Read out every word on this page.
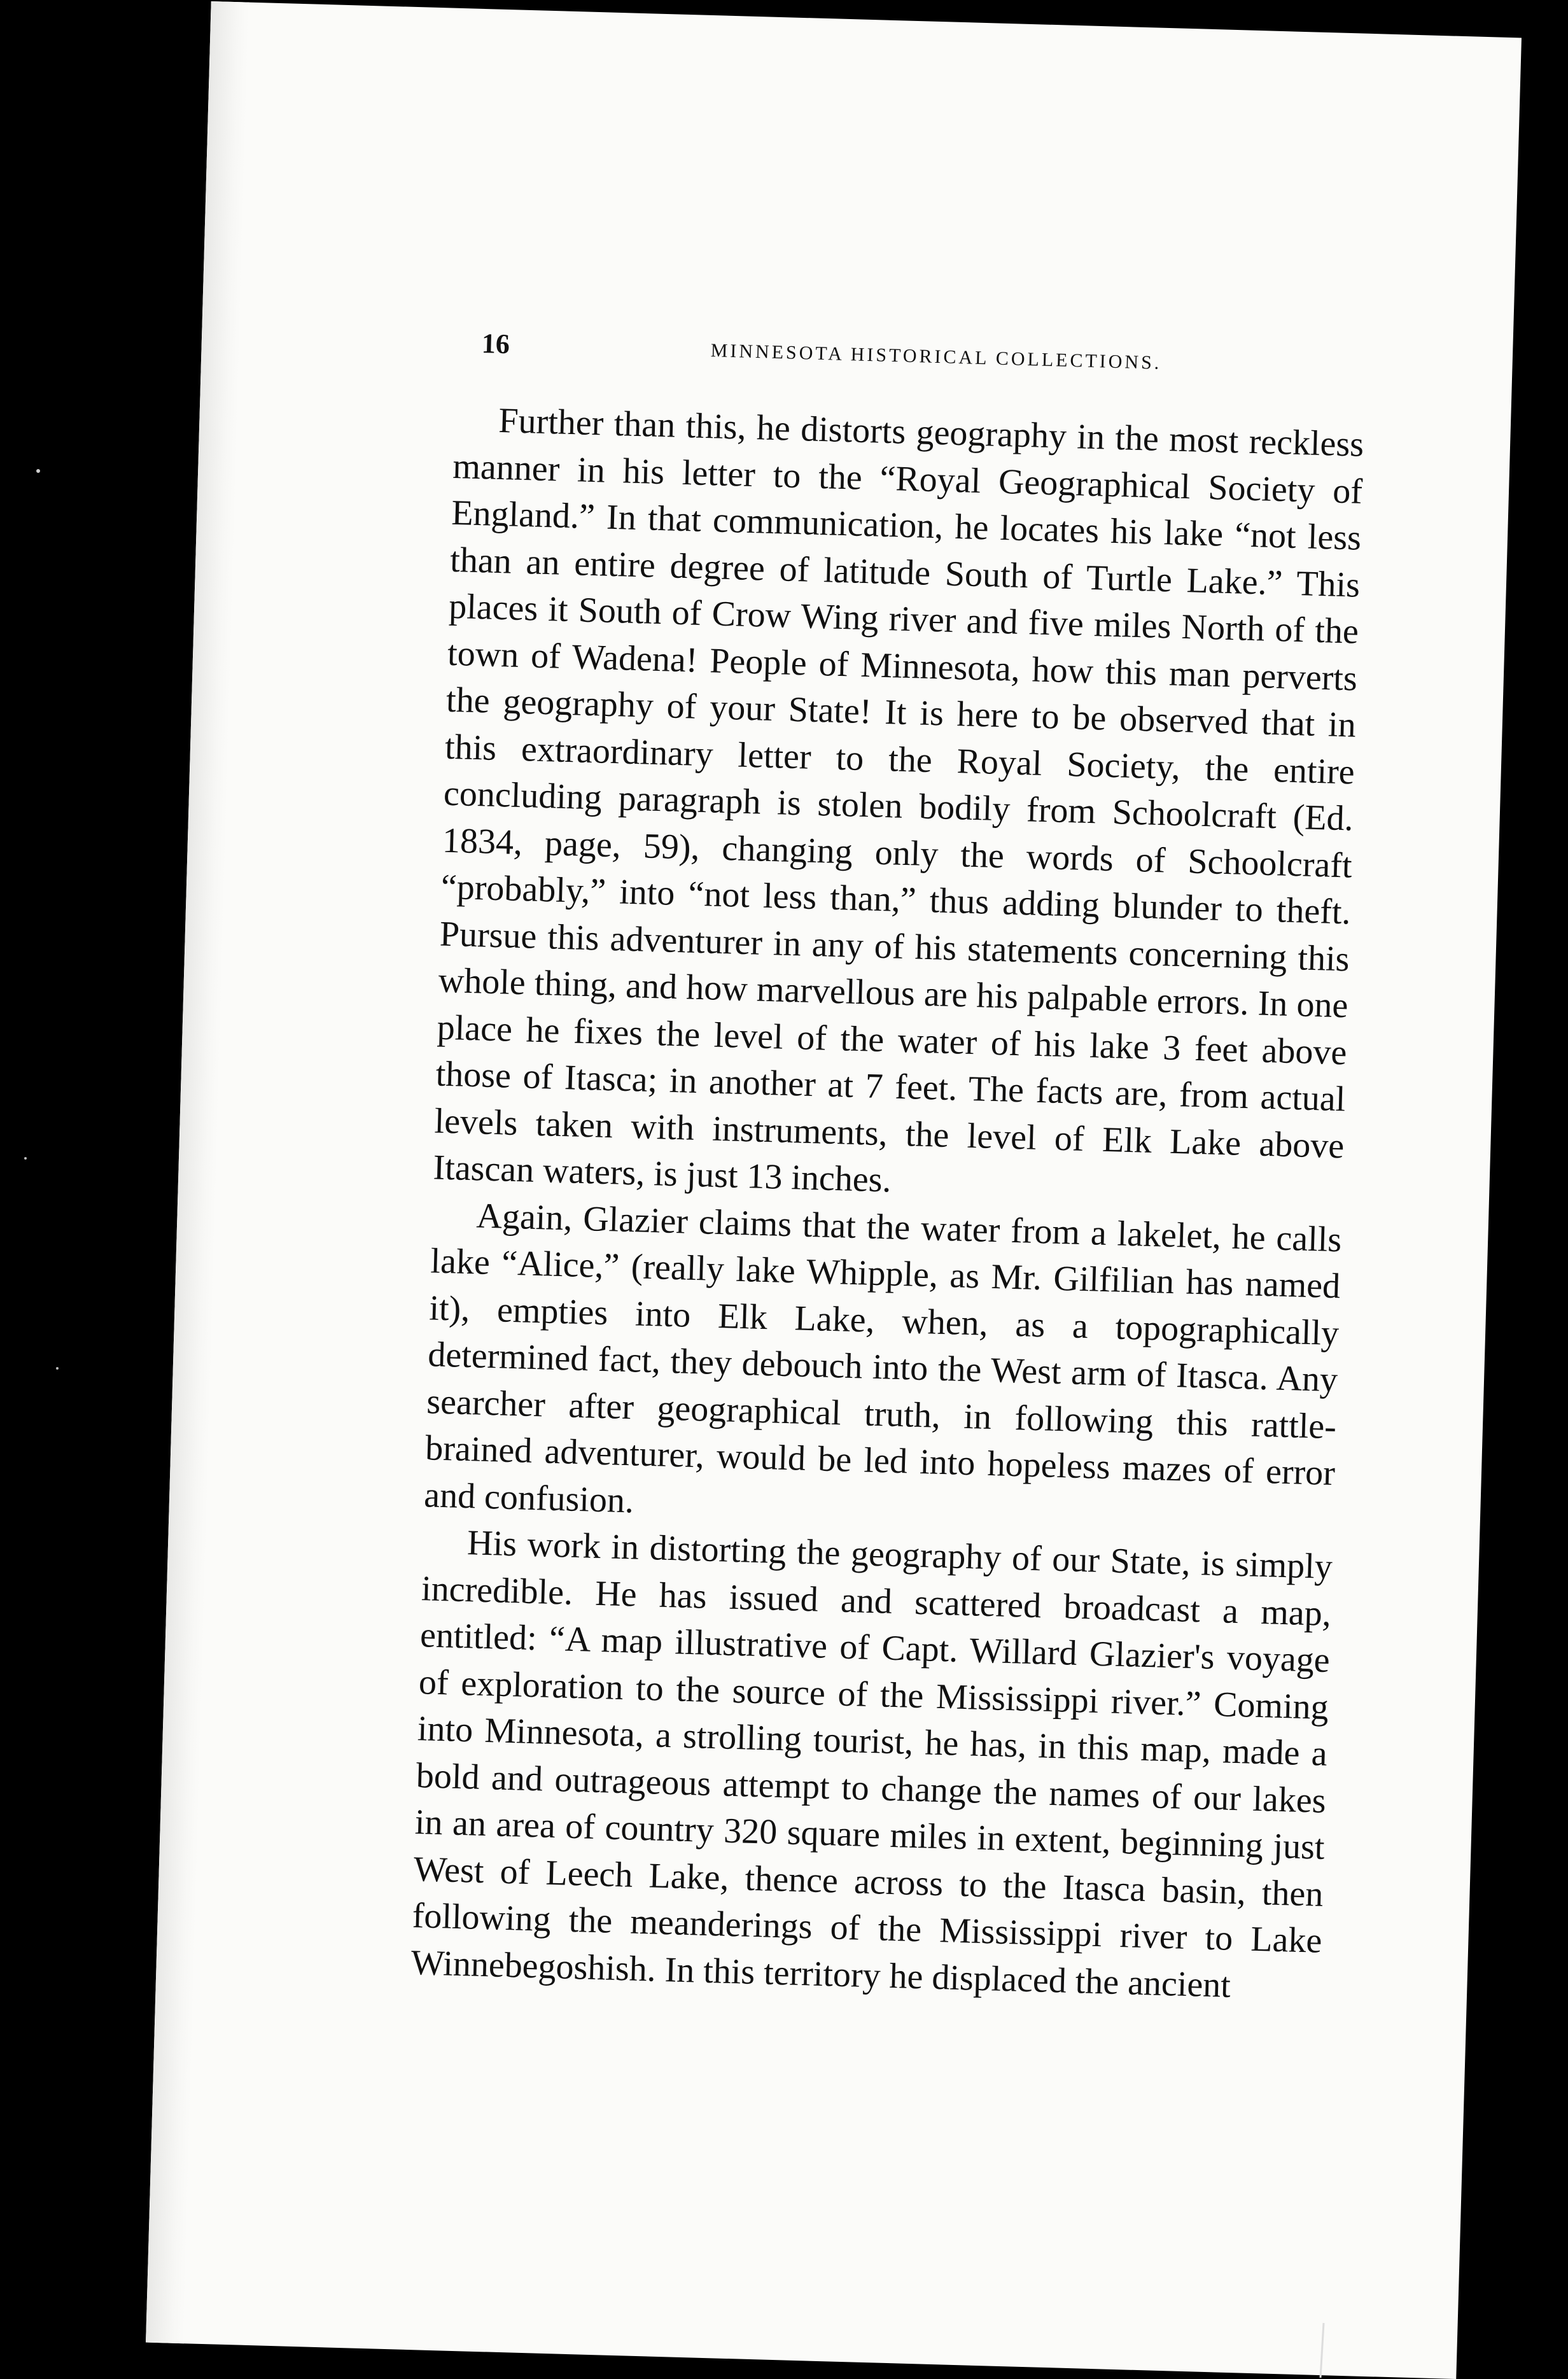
16	MINNESOTA HISTORICAL COLLECTIONS.

Further than this, he distorts geography in the most reckless manner in his letter to the “Royal Geographical Society of England.” In that communication, he locates his lake “not less than an entire degree of latitude South of Turtle Lake.” This places it South of Crow Wing river and five miles North of the town of Wadena! People of Minnesota, how this man perverts the geography of your State! It is here to be observed that in this extraordinary letter to the Royal Society, the entire concluding paragraph is stolen bodily from Schoolcraft (Ed. 1834, page, 59), changing only the words of Schoolcraft “probably,” into “not less than,” thus adding blunder to theft. Pursue this adventurer in any of his statements concerning this whole thing, and how marvellous are his palpable errors. In one place he fixes the level of the water of his lake 3 feet above those of Itasca; in another at 7 feet. The facts are, from actual levels taken with instruments, the level of Elk Lake above Itascan waters, is just 13 inches.

Again, Glazier claims that the water from a lakelet, he calls lake “Alice,” (really lake Whipple, as Mr. Gilfilian has named it), empties into Elk Lake, when, as a topographically determined fact, they debouch into the West arm of Itasca. Any searcher after geographical truth, in following this rattle-brained adventurer, would be led into hopeless mazes of error and confusion.

His work in distorting the geography of our State, is simply incredible. He has issued and scattered broadcast a map, entitled: “A map illustrative of Capt. Willard Glazier's voyage of exploration to the source of the Mississippi river.” Coming into Minnesota, a strolling tourist, he has, in this map, made a bold and outrageous attempt to change the names of our lakes in an area of country 320 square miles in extent, beginning just West of Leech Lake, thence across to the Itasca basin, then following the meanderings of the Mississippi river to Lake Winnebegoshish. In this territory he displaced the ancient
